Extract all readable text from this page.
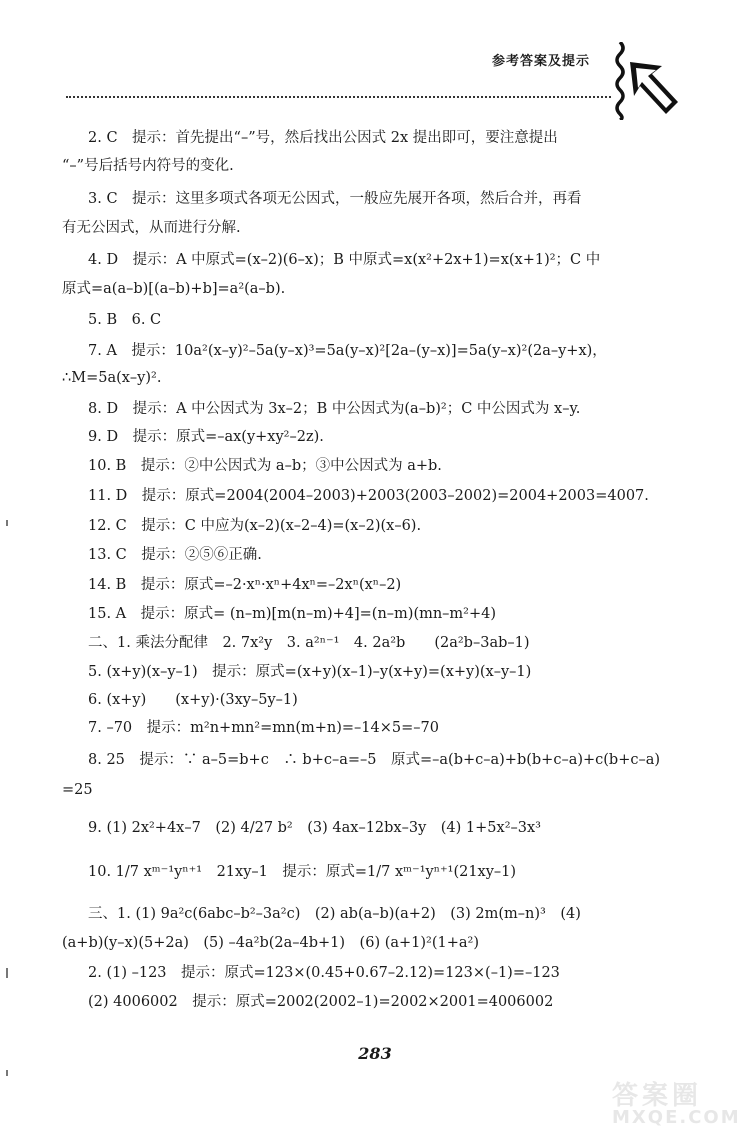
参考答案及提示
2. C　提示：首先提出“–”号，然后找出公因式 2x 提出即可，要注意提出
“–”号后括号内符号的变化.
3. C　提示：这里多项式各项无公因式，一般应先展开各项，然后合并，再看
有无公因式，从而进行分解.
4. D　提示：A 中原式=(x–2)(6–x)；B 中原式=x(x²+2x+1)=x(x+1)²；C 中
原式=a(a–b)[(a–b)+b]=a²(a–b).
5. B　6. C
7. A　提示：10a²(x–y)²–5a(y–x)³=5a(y–x)²[2a–(y–x)]=5a(y–x)²(2a–y+x)，
∴M=5a(x–y)².
8. D　提示：A 中公因式为 3x–2；B 中公因式为(a–b)²；C 中公因式为 x–y.
9. D　提示：原式=–ax(y+xy²–2z).
10. B　提示：②中公因式为 a–b；③中公因式为 a+b.
11. D　提示：原式=2004(2004–2003)+2003(2003–2002)=2004+2003=4007.
12. C　提示：C 中应为(x–2)(x–2–4)=(x–2)(x–6).
13. C　提示：②⑤⑥正确.
14. B　提示：原式=–2·xⁿ·xⁿ+4xⁿ=–2xⁿ(xⁿ–2)
15. A　提示：原式= (n–m)[m(n–m)+4]=(n–m)(mn–m²+4)
二、1. 乘法分配律　2. 7x²y　3. a²ⁿ⁻¹　4. 2a²b　　(2a²b–3ab–1)
5. (x+y)(x–y–1)　提示：原式=(x+y)(x–1)–y(x+y)=(x+y)(x–y–1)
6. (x+y)　　(x+y)·(3xy–5y–1)
7. –70　提示：m²n+mn²=mn(m+n)=–14×5=–70
8. 25　提示：∵ a–5=b+c　∴ b+c–a=–5　原式=–a(b+c–a)+b(b+c–a)+c(b+c–a)
=25
9. (1) 2x²+4x–7　(2) 4/27 b²　(3) 4ax–12bx–3y　(4) 1+5x²–3x³
10. 1/7 xᵐ⁻¹yⁿ⁺¹　21xy–1　提示：原式=1/7 xᵐ⁻¹yⁿ⁺¹(21xy–1)
三、1. (1) 9a²c(6abc–b²–3a²c)　(2) ab(a–b)(a+2)　(3) 2m(m–n)³　(4)
(a+b)(y–x)(5+2a)　(5) –4a²b(2a–4b+1)　(6) (a+1)²(1+a²)
2. (1) –123　提示：原式=123×(0.45+0.67–2.12)=123×(–1)=–123
(2) 4006002　提示：原式=2002(2002–1)=2002×2001=4006002
283
答案圈
MXQE.COM
